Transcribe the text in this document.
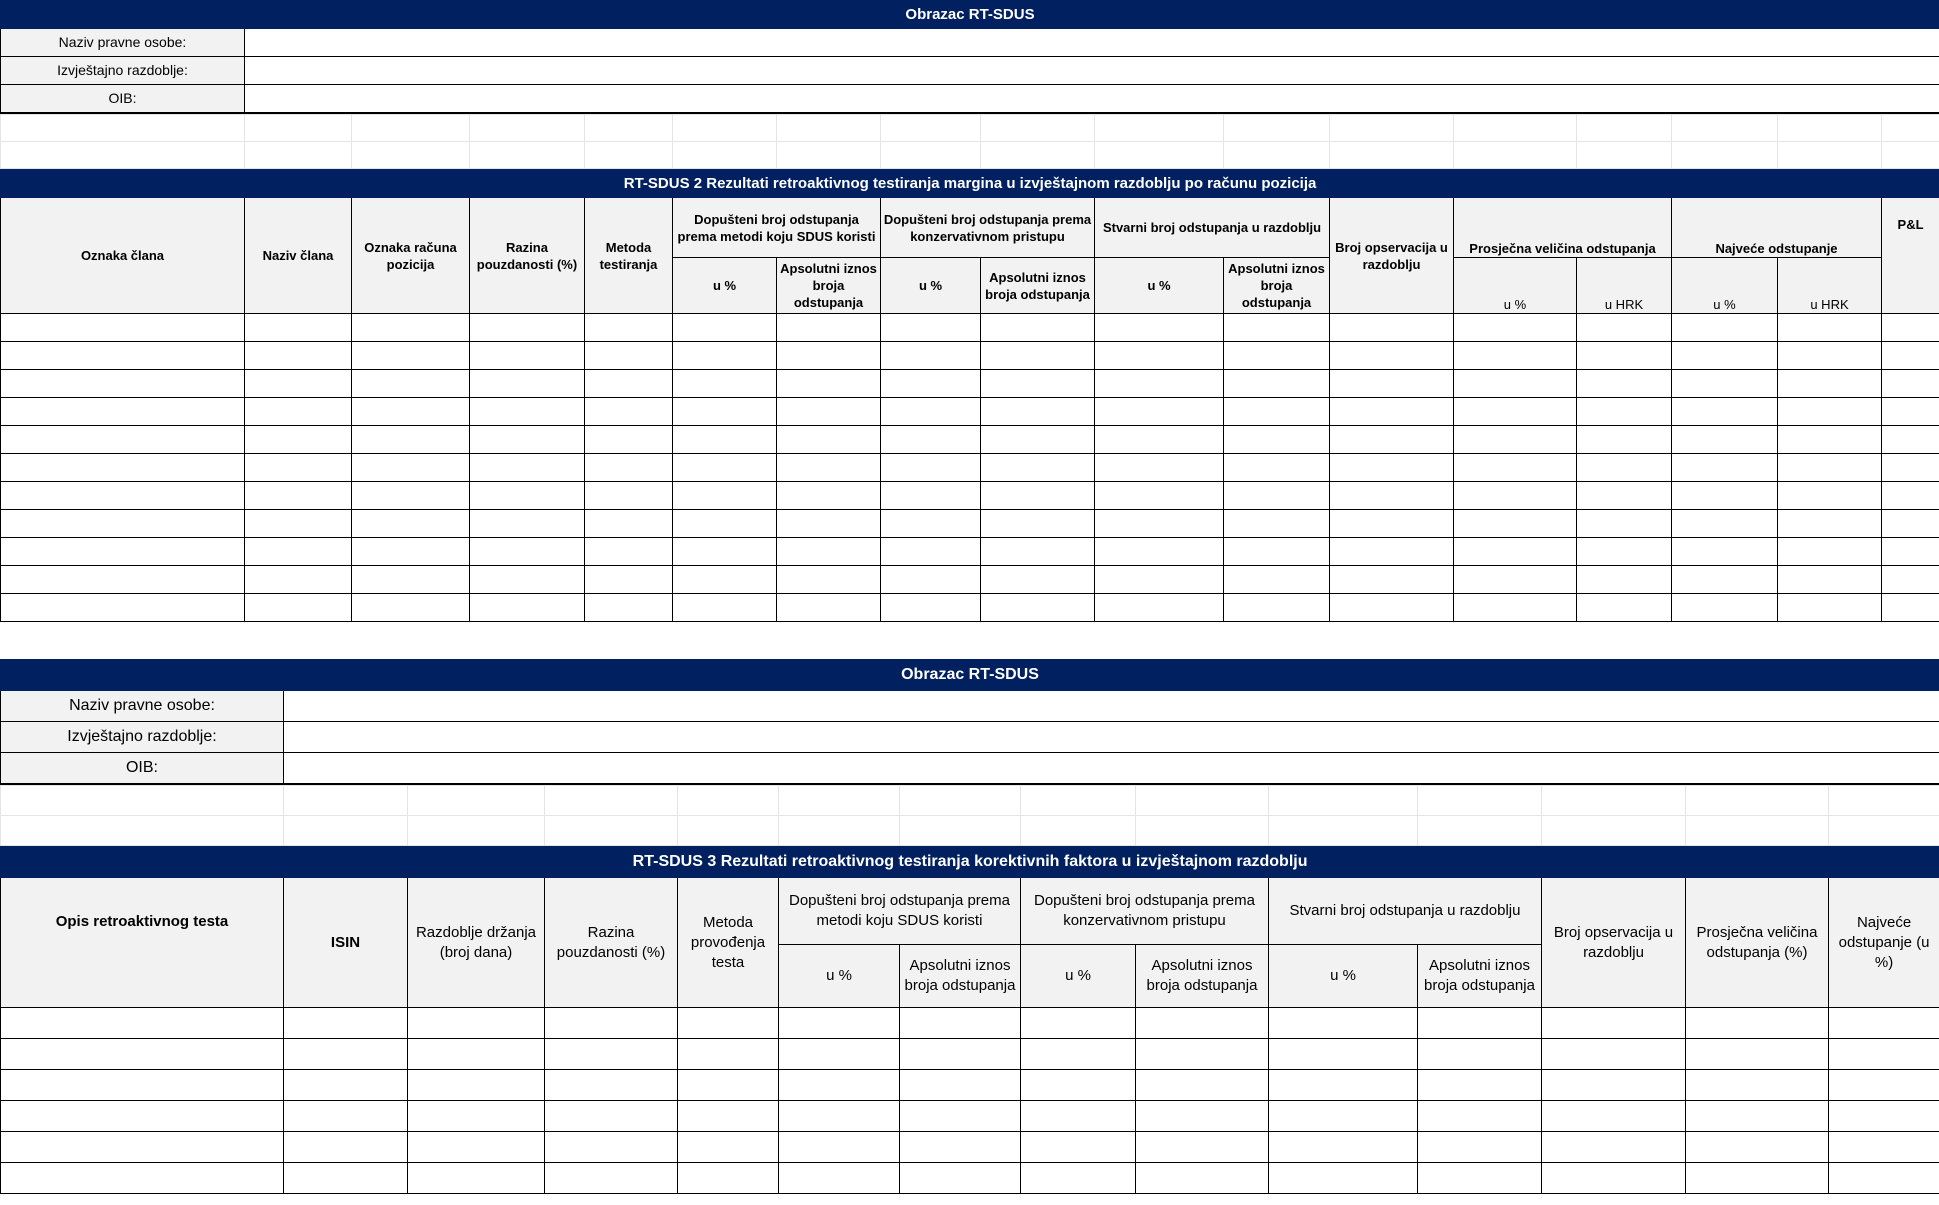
Obrazac RT-SDUS	
Naziv pravne osobe:	
Izvještajno razdoblje:	
OIB:	

RT-SDUS 2 Rezultati retroaktivnog testiranja margina u izvještajnom razdoblju po računu pozicija																
Oznaka člana	Naziv člana	Oznaka računa pozicija	Razina pouzdanosti (%)	Metoda testiranja	Dopušteni broj odstupanja prema metodi koju SDUS koristi		Dopušteni broj odstupanja prema konzervativnom pristupu		Stvarni broj odstupanja u razdoblju		Broj opservacija u razdoblju	Prosječna veličina odstupanja		Najveće odstupanje		P&L
					u %	Apsolutni iznos broja odstupanja	u %	Apsolutni iznos broja odstupanja	u %	Apsolutni iznos broja odstupanja		u %	u HRK	u %	u HRK	

Obrazac RT-SDUS	
Naziv pravne osobe:	
Izvještajno razdoblje:	
OIB:	

RT-SDUS 3 Rezultati retroaktivnog testiranja korektivnih faktora u izvještajnom razdoblju													
Opis retroaktivnog testa	ISIN	Razdoblje držanja (broj dana)	Razina pouzdanosti (%)	Metoda provođenja testa	Dopušteni broj odstupanja prema metodi koju SDUS koristi		Dopušteni broj odstupanja prema konzervativnom pristupu		Stvarni broj odstupanja u razdoblju		Broj opservacija u razdoblju	Prosječna veličina odstupanja (%)	Najveće odstupanje (u %)
					u %	Apsolutni iznos broja odstupanja	u %	Apsolutni iznos broja odstupanja	u %	Apsolutni iznos broja odstupanja			
